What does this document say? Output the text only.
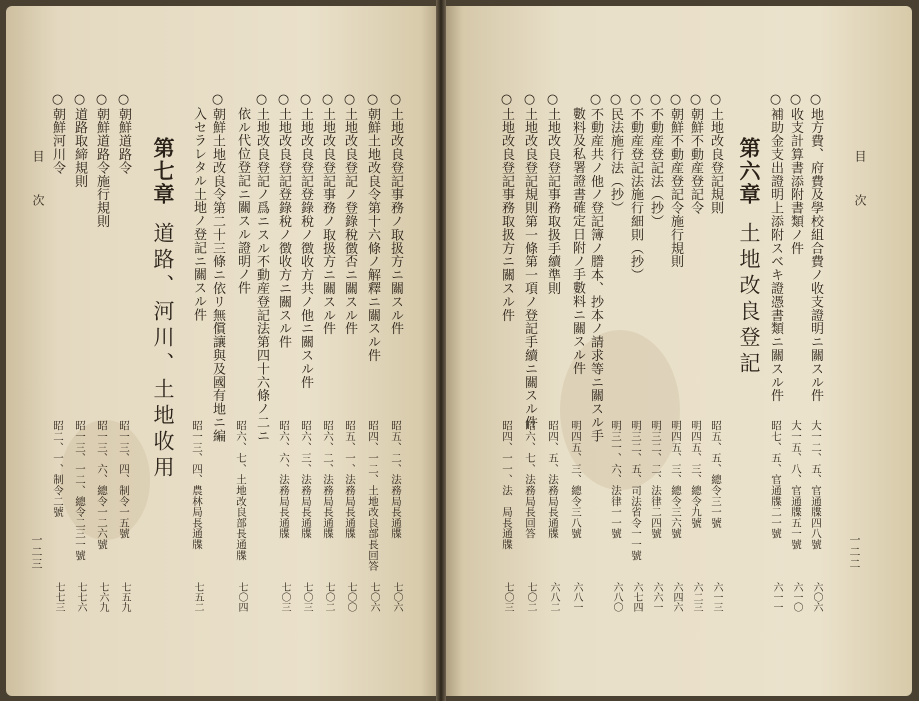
目　次
一二二
○地方費、府費及學校組合費ノ收支證明ニ關スル件
大一二、五、官通牒四八號
六〇六
○收支計算書添附書類ノ件
大一五、八、官通牒五一號
六一〇
○補助金支出證明上添附スベキ證憑書類ニ關スル件
昭七、五、官通牒二一號
六一一
第六章土地改良登記
○土地改良登記規則
昭五、五、總令三一號
六一三
○朝鮮不動産登記令
明四五、三、總令九號
六二三
○朝鮮不動産登記令施行規則
明四五、三、總令三六號
六四六
○不動産登記法（抄）
明三二、二、法律二四號
六六一
○不動産登記法施行細則（抄）
明三二、五、司法省令一一號
六七四
○民法施行法（抄）
明三一、六、法律一一號
六八〇
○不動産共ノ他ノ登記簿ノ謄本、抄本ノ請求等ニ關スル手
數料及私署證書確定日附ノ手數料ニ關スル件
明四五、三、總令三八號
六八一
○土地改良登記事務取扱手續準則
昭四、五、法務局長通牒
六八二
○土地改良登記規則第一條第一項ノ登記手續ニ關スル件
昭六、七、法務局長回答
七〇二
○土地改良登記事務取扱方ニ關スル件
昭四、一一、法　局長通牒
七〇三
目　次
一二三
○土地改良登記事務ノ取扱方ニ關スル件
昭五、二、法務局長通牒
七〇六
○朝鮮土地改良令第十六條ノ解釋ニ關スル件
昭四、一二、土地改良部長回答
七〇六
○土地改良登記ノ登錄稅徴否ニ關スル件
昭五、一、法務局長通牒
七〇〇
○土地改良登記事務ノ取扱方ニ關スル件
昭六、二、法務局長通牒
七〇二
○土地改良登記登錄稅ノ徴收方共ノ他ニ關スル件
昭六、三、法務局長通牒
七〇三
○土地改良登記登錄稅ノ徴收方ニ關スル件
昭六、六、法務局長通牒
七〇三
○土地改良登記ノ爲ニスル不動産登記法第四十六條ノ二ニ
依ル代位登記ニ關スル證明ノ件
昭六、七、土地改良部長通牒
七〇四
○朝鮮土地改良令第二十三條ニ依リ無償讓與及國有地ニ編
入セラレタル土地ノ登記ニ關スル件
昭一三、四、農林局長通牒
七五二
第七章道路、河川、土地收用
○朝鮮道路令
昭一三、四、制令一五號
七五九
○朝鮮道路令施行規則
昭一三、六、總令一二六號
七六九
○道路取締規則
昭一三、一二、總令二三一號
七七六
○朝鮮河川令
昭二、一、制令二號
七七三
